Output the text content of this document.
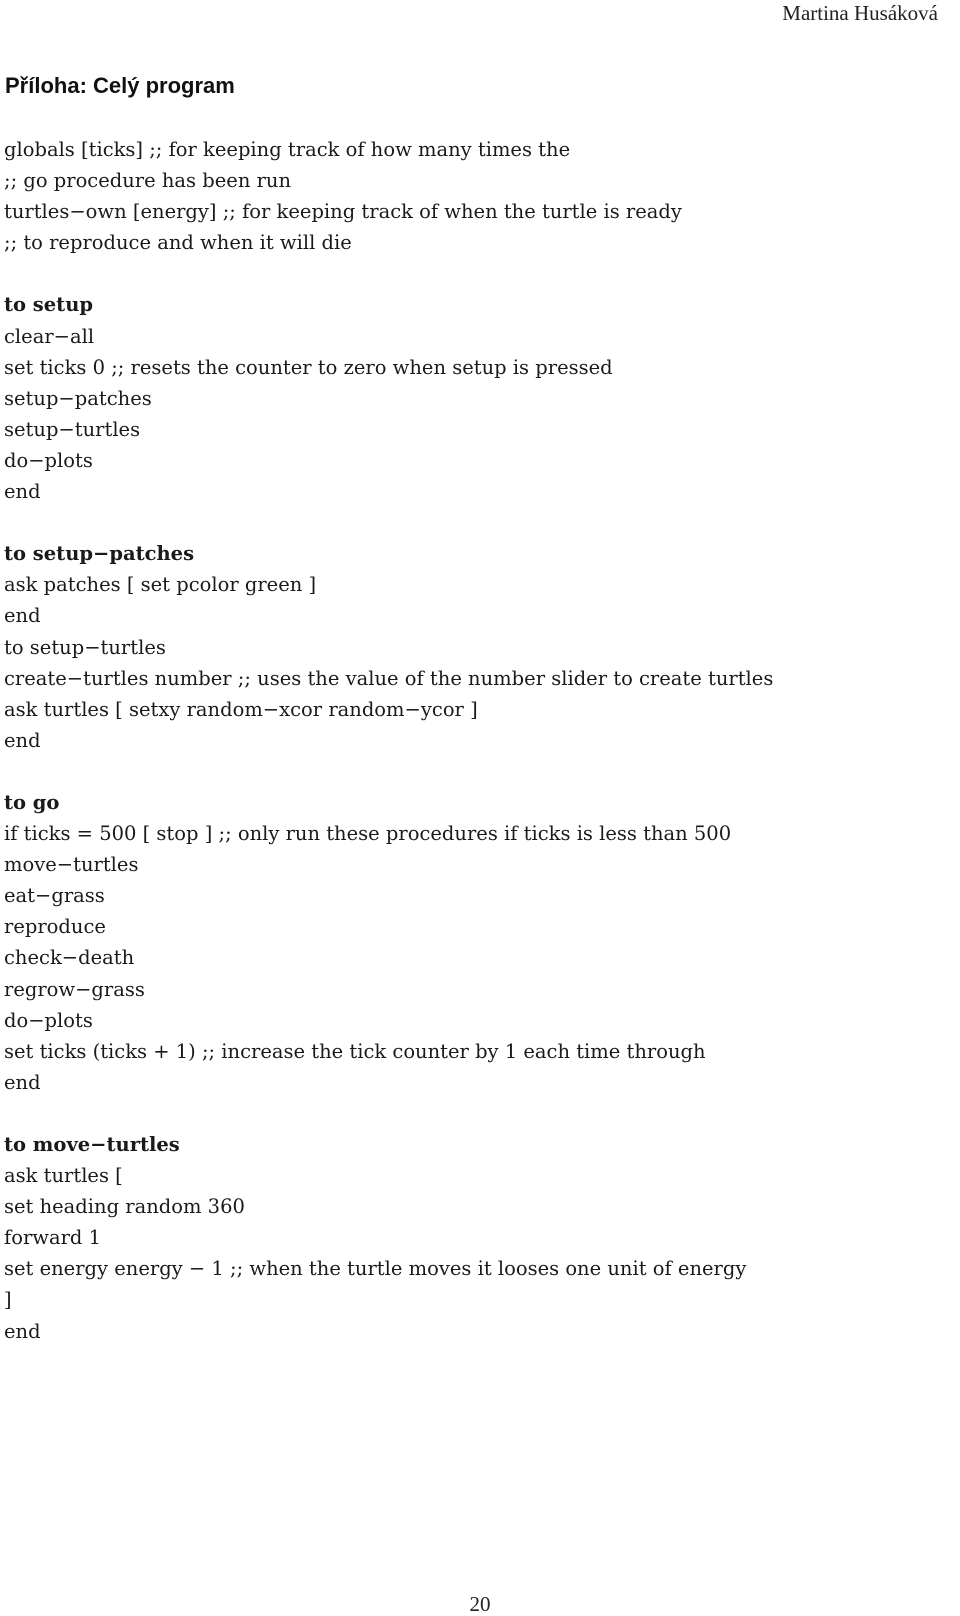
Martina Husáková
Příloha: Celý program
globals [ticks] ;; for keeping track of how many times the
;; go procedure has been run
turtles−own [energy] ;; for keeping track of when the turtle is ready
;; to reproduce and when it will die
to setup
clear−all
set ticks 0 ;; resets the counter to zero when setup is pressed
setup−patches
setup−turtles
do−plots
end
to setup−patches
ask patches [ set pcolor green ]
end
to setup−turtles
create−turtles number ;; uses the value of the number slider to create turtles
ask turtles [ setxy random−xcor random−ycor ]
end
to go
if ticks = 500 [ stop ] ;; only run these procedures if ticks is less than 500
move−turtles
eat−grass
reproduce
check−death
regrow−grass
do−plots
set ticks (ticks + 1) ;; increase the tick counter by 1 each time through
end
to move−turtles
ask turtles [
set heading random 360
forward 1
set energy energy − 1 ;; when the turtle moves it looses one unit of energy
]
end
20
